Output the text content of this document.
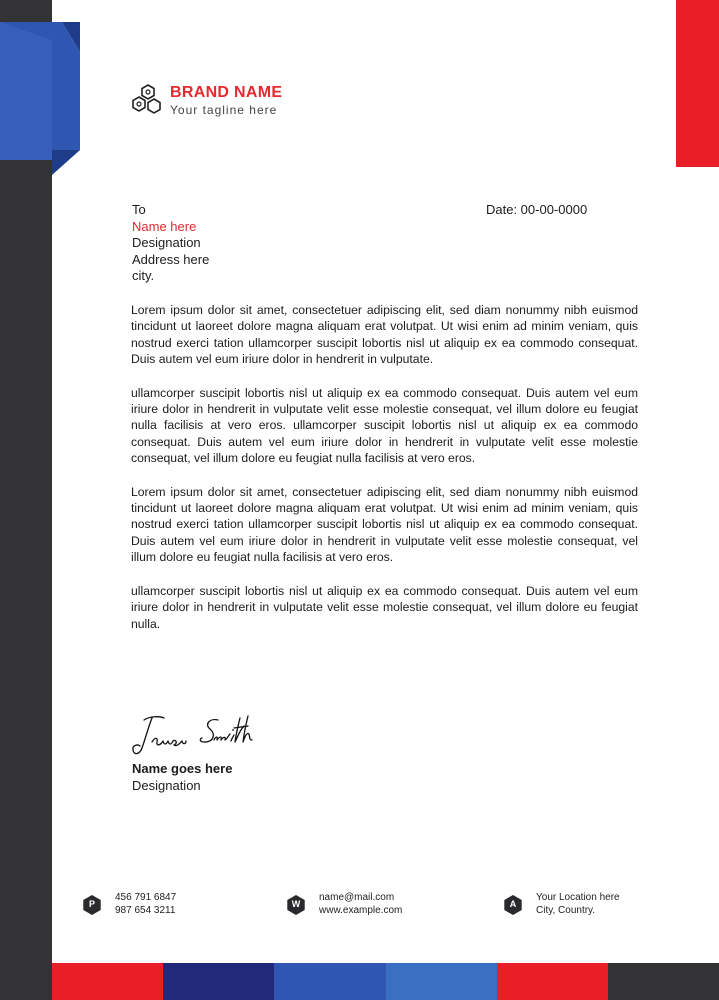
BRAND NAME
Your tagline here
To
Name here
Designation
Address here
city.
Date: 00-00-0000

Lorem ipsum dolor sit amet, consectetuer adipiscing elit, sed diam nonummy nibh euismod tincidunt ut laoreet dolore magna aliquam erat volutpat. Ut wisi enim ad minim veniam, quis nostrud exerci tation ullamcorper suscipit lobortis nisl ut aliquip ex ea commodo consequat. Duis autem vel eum iriure dolor in hendrerit in vulputate.

ullamcorper suscipit lobortis nisl ut aliquip ex ea commodo consequat. Duis autem vel eum iriure dolor in hendrerit in vulputate velit esse molestie consequat, vel illum dolore eu feugiat nulla facilisis at vero eros. ullamcorper suscipit lobortis nisl ut aliquip ex ea commodo consequat. Duis autem vel eum iriure dolor in hendrerit in vulputate velit esse molestie consequat, vel illum dolore eu feugiat nulla facilisis at vero eros.

Lorem ipsum dolor sit amet, consectetuer adipiscing elit, sed diam nonummy nibh euismod tincidunt ut laoreet dolore magna aliquam erat volutpat. Ut wisi enim ad minim veniam, quis nostrud exerci tation ullamcorper suscipit lobortis nisl ut aliquip ex ea commodo consequat. Duis autem vel eum iriure dolor in hendrerit in vulputate velit esse molestie consequat, vel illum dolore eu feugiat nulla facilisis at vero eros.

ullamcorper suscipit lobortis nisl ut aliquip ex ea commodo consequat. Duis autem vel eum iriure dolor in hendrerit in vulputate velit esse molestie consequat, vel illum dolore eu feugiat nulla.

Name goes here
Designation
P
456 791 6847
987 654 3211
W
name@mail.com
www.example.com
A
Your Location here
City, Country.
